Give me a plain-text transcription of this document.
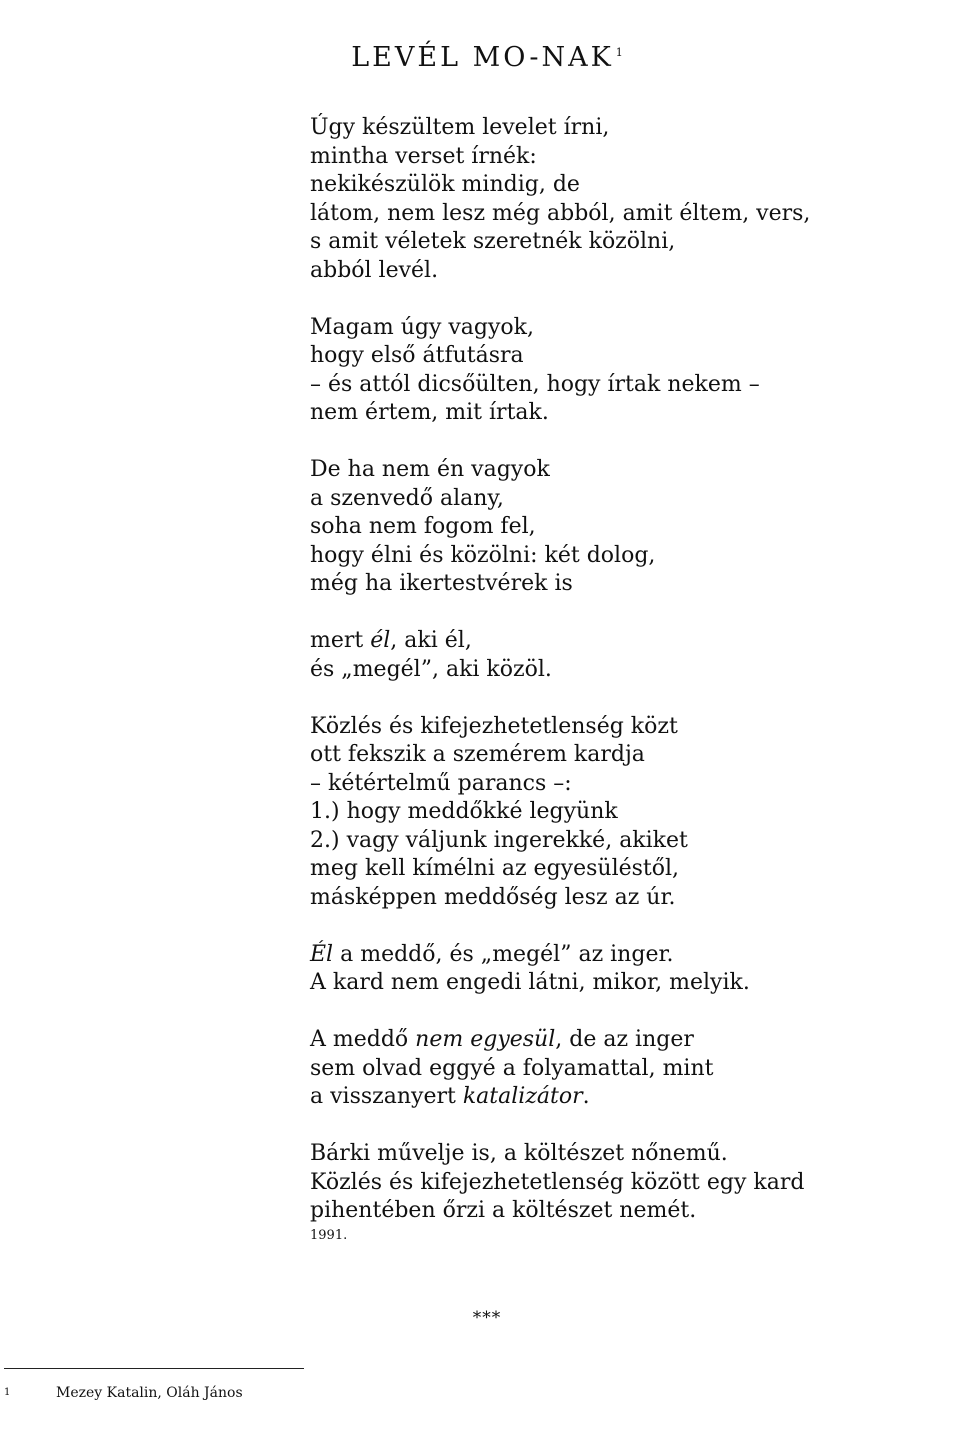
LEVÉL MO-NAK $^1$
Úgy készültem levelet írni,
mintha verset írnék:
nekikészülök mindig, de
látom, nem lesz még abból, amit éltem, vers,
s amit véletek szeretnék közölni,
abból levél.
Magam úgy vagyok,
hogy első átfutásra
– és attól dicsőülten, hogy írtak nekem –
nem értem, mit írtak.
De ha nem én vagyok
a szenvedő alany,
soha nem fogom fel,
hogy élni és közölni: két dolog,
még ha ikertestvérek is
mert él, aki él,
és „megél”, aki közöl.
Közlés és kifejezhetetlenség közt
ott fekszik a szemérem kardja
– kétértelmű parancs –:
1.) hogy meddőkké legyünk
2.) vagy váljunk ingerekké, akiket
meg kell kímélni az egyesüléstől,
másképpen meddőség lesz az úr.
Él a meddő, és „megél” az inger.
A kard nem engedi látni, mikor, melyik.
A meddő nem egyesül, de az inger
sem olvad eggyé a folyamattal, mint
a visszanyert katalizátor.
Bárki művelje is, a költészet nőnemű.
Közlés és kifejezhetetlenség között egy kard
pihentében őrzi a költészet nemét.
1991.
***
1	Mezey Katalin, Oláh János
